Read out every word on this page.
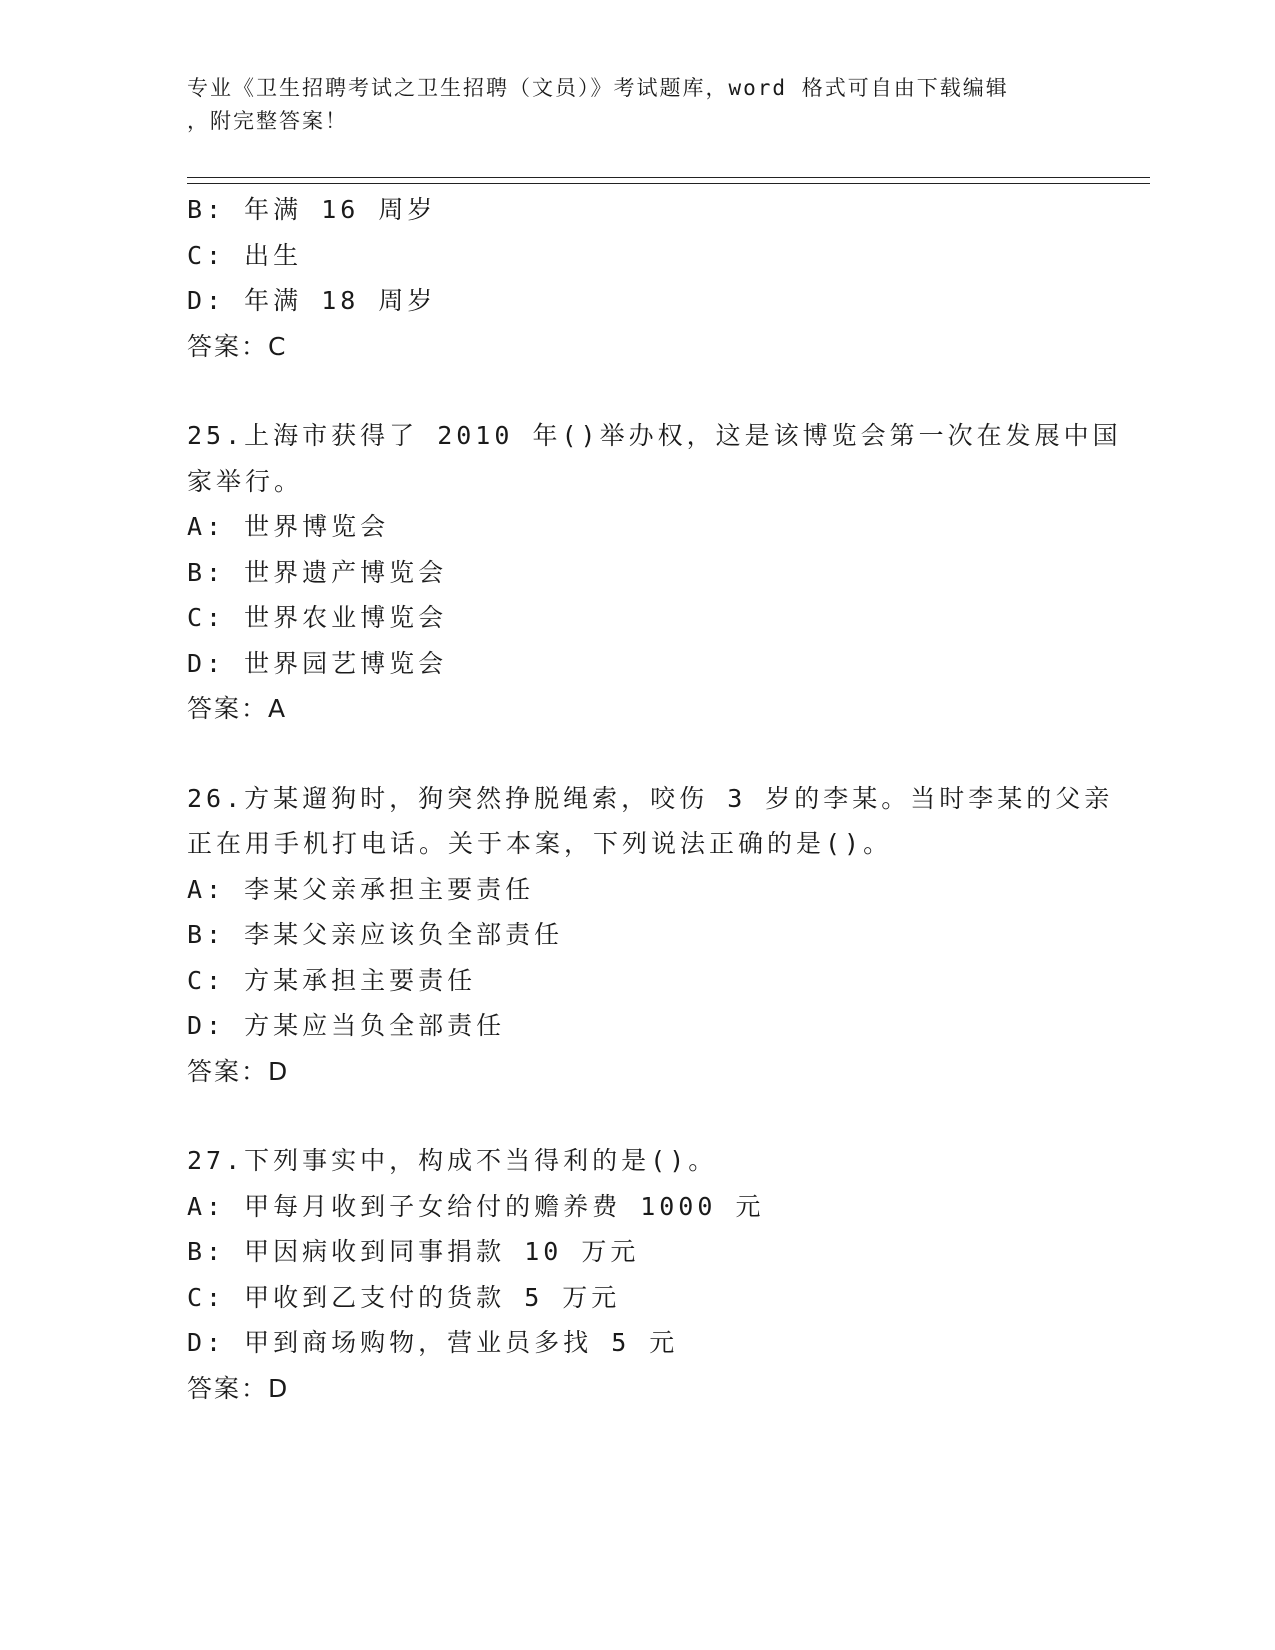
专业《卫生招聘考试之卫生招聘（文员）》考试题库，word 格式可自由下载编辑
，附完整答案！
B: 年满 16 周岁
C: 出生
D: 年满 18 周岁
答案：C
25.上海市获得了 2010 年()举办权，这是该博览会第一次在发展中国
家举行。
A: 世界博览会
B: 世界遗产博览会
C: 世界农业博览会
D: 世界园艺博览会
答案：A
26.方某遛狗时，狗突然挣脱绳索，咬伤 3 岁的李某。当时李某的父亲
正在用手机打电话。关于本案，下列说法正确的是()。
A: 李某父亲承担主要责任
B: 李某父亲应该负全部责任
C: 方某承担主要责任
D: 方某应当负全部责任
答案：D
27.下列事实中，构成不当得利的是()。
A: 甲每月收到子女给付的赡养费 1000 元
B: 甲因病收到同事捐款 10 万元
C: 甲收到乙支付的货款 5 万元
D: 甲到商场购物，营业员多找 5 元
答案：D
